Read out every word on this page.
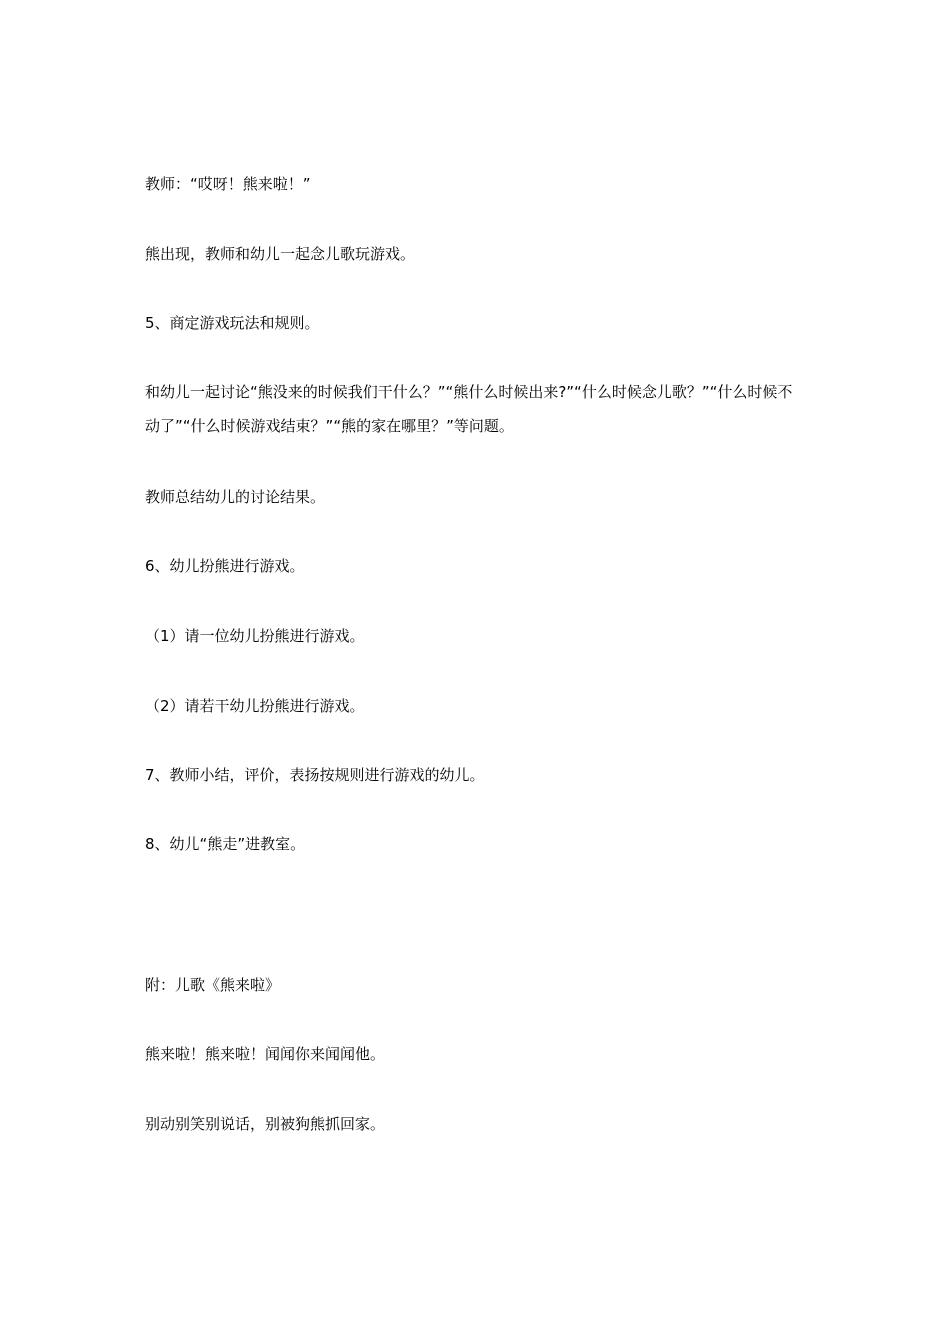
教师：“哎呀！熊来啦！”

熊出现，教师和幼儿一起念儿歌玩游戏。

5、商定游戏玩法和规则。

和幼儿一起讨论“熊没来的时候我们干什么？”“熊什么时候出来?”“什么时候念儿歌？”“什么时候不动了”“什么时候游戏结束？”“熊的家在哪里？”等问题。

教师总结幼儿的讨论结果。

6、幼儿扮熊进行游戏。

（1）请一位幼儿扮熊进行游戏。

（2）请若干幼儿扮熊进行游戏。

7、教师小结，评价，表扬按规则进行游戏的幼儿。

8、幼儿“熊走”进教室。

附：儿歌《熊来啦》

熊来啦！熊来啦！闻闻你来闻闻他。

别动别笑别说话，别被狗熊抓回家。
